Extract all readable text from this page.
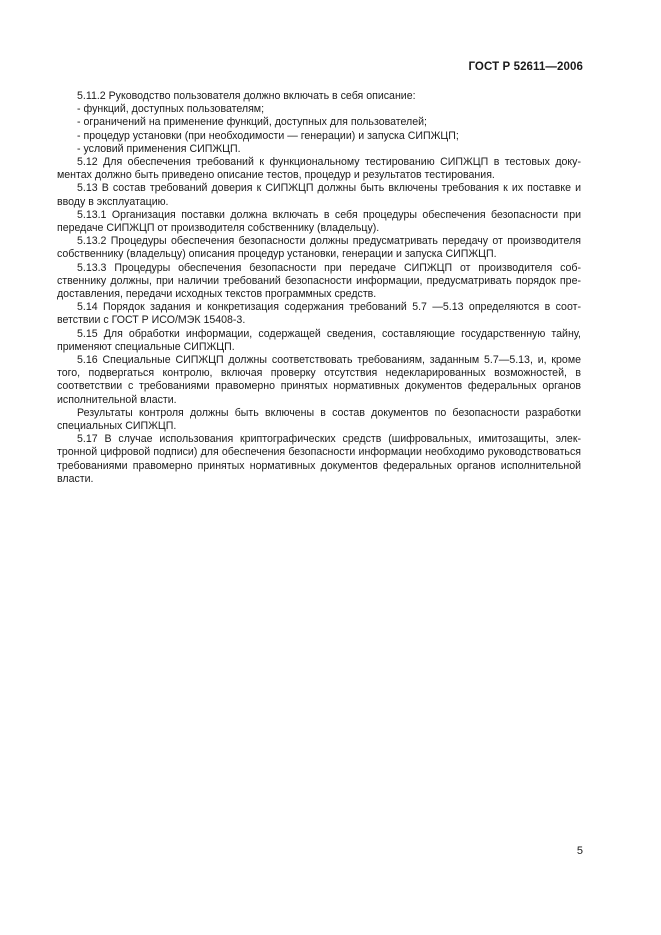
ГОСТ Р 52611—2006

5.11.2 Руководство пользователя должно включать в себя описание:

- функций, доступных пользователям;

- ограничений на применение функций, доступных для пользователей;

- процедур установки (при необходимости — генерации) и запуска СИПЖЦП;

- условий применения СИПЖЦП.

5.12 Для обеспечения требований к функциональному тестированию СИПЖЦП в тестовых документах должно быть приведено описание тестов, процедур и результатов тестирования.

5.13 В состав требований доверия к СИПЖЦП должны быть включены требования к их поставке и вводу в эксплуатацию.

5.13.1 Организация поставки должна включать в себя процедуры обеспечения безопасности при передаче СИПЖЦП от производителя собственнику (владельцу).

5.13.2 Процедуры обеспечения безопасности должны предусматривать передачу от производителя собственнику (владельцу) описания процедур установки, генерации и запуска СИПЖЦП.

5.13.3 Процедуры обеспечения безопасности при передаче СИПЖЦП от производителя собственнику должны, при наличии требований безопасности информации, предусматривать порядок предоставления, передачи исходных текстов программных средств.

5.14 Порядок задания и конкретизация содержания требований 5.7 —5.13 определяются в соответствии с ГОСТ Р ИСО/МЭК 15408-3.

5.15 Для обработки информации, содержащей сведения, составляющие государственную тайну, применяют специальные СИПЖЦП.

5.16 Специальные СИПЖЦП должны соответствовать требованиям, заданным 5.7—5.13, и, кроме того, подвергаться контролю, включая проверку отсутствия недекларированных возможностей, в соответствии с требованиями правомерно принятых нормативных документов федеральных органов исполнительной власти.

Результаты контроля должны быть включены в состав документов по безопасности разработки специальных СИПЖЦП.

5.17 В случае использования криптографических средств (шифровальных, имитозащиты, электронной цифровой подписи) для обеспечения безопасности информации необходимо руководствоваться требованиями правомерно принятых нормативных документов федеральных органов исполнительной власти.

5
